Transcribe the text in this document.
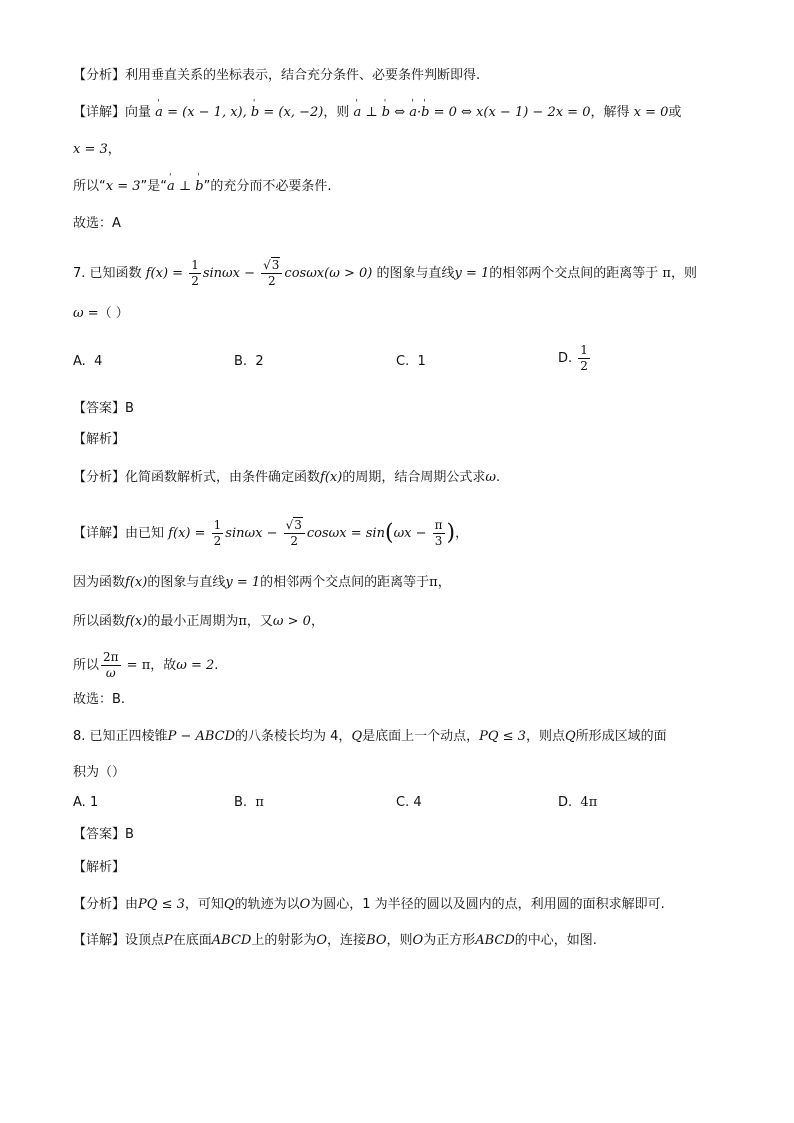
【分析】利用垂直关系的坐标表示，结合充分条件、必要条件判断即得.
【详解】向量 ' a = (x − 1, x), ' b = (x, −2)，则 ' a ⊥ ' b ⇔ ' a·' b = 0 ⇔ x(x − 1) − 2x = 0，解得 x = 0或
x = 3，
所以“x = 3”是“' a ⊥ ' b”的充分而不必要条件.
故选：A
7. 已知函数 $f(x) = \frac{1}{2}$ $\sin\omega x - \frac{√3}{2} \cos\omega x(\omega > 0)$ 的图象与直线y = 1的相邻两个交点间的距离等于 π，则
ω =（ ）
A. 4	B. 2	C. 1	D. $\frac{1}{2}$
【答案】B
【解析】
【分析】化简函数解析式，由条件确定函数f(x)的周期，结合周期公式求ω.
【详解】由已知 $f(x) = \frac{1}{2}$ $\sin\omega x - \frac{√3}{2}$ $\cos\omega x = \sin(\omega x - \frac{\pi}{3}$ )，
因为函数f(x)的图象与直线y = 1的相邻两个交点间的距离等于π，
所以函数f(x)的最小正周期为π，又ω > 0，
所以 $\frac{2\pi}{\omega} = \pi$，故ω = 2.
故选：B.
8. 已知正四棱锥P − ABCD的八条棱长均为 4，Q是底面上一个动点，PQ ≤ 3，则点Q所形成区域的面
积为（）
A. 1	B. π	C. 4	D. 4π
【答案】B
【解析】
【分析】由PQ ≤ 3，可知Q的轨迹为以O为圆心，1 为半径的圆以及圆内的点，利用圆的面积求解即可.
【详解】设顶点P在底面ABCD上的射影为O，连接BO，则O为正方形ABCD的中心，如图.
